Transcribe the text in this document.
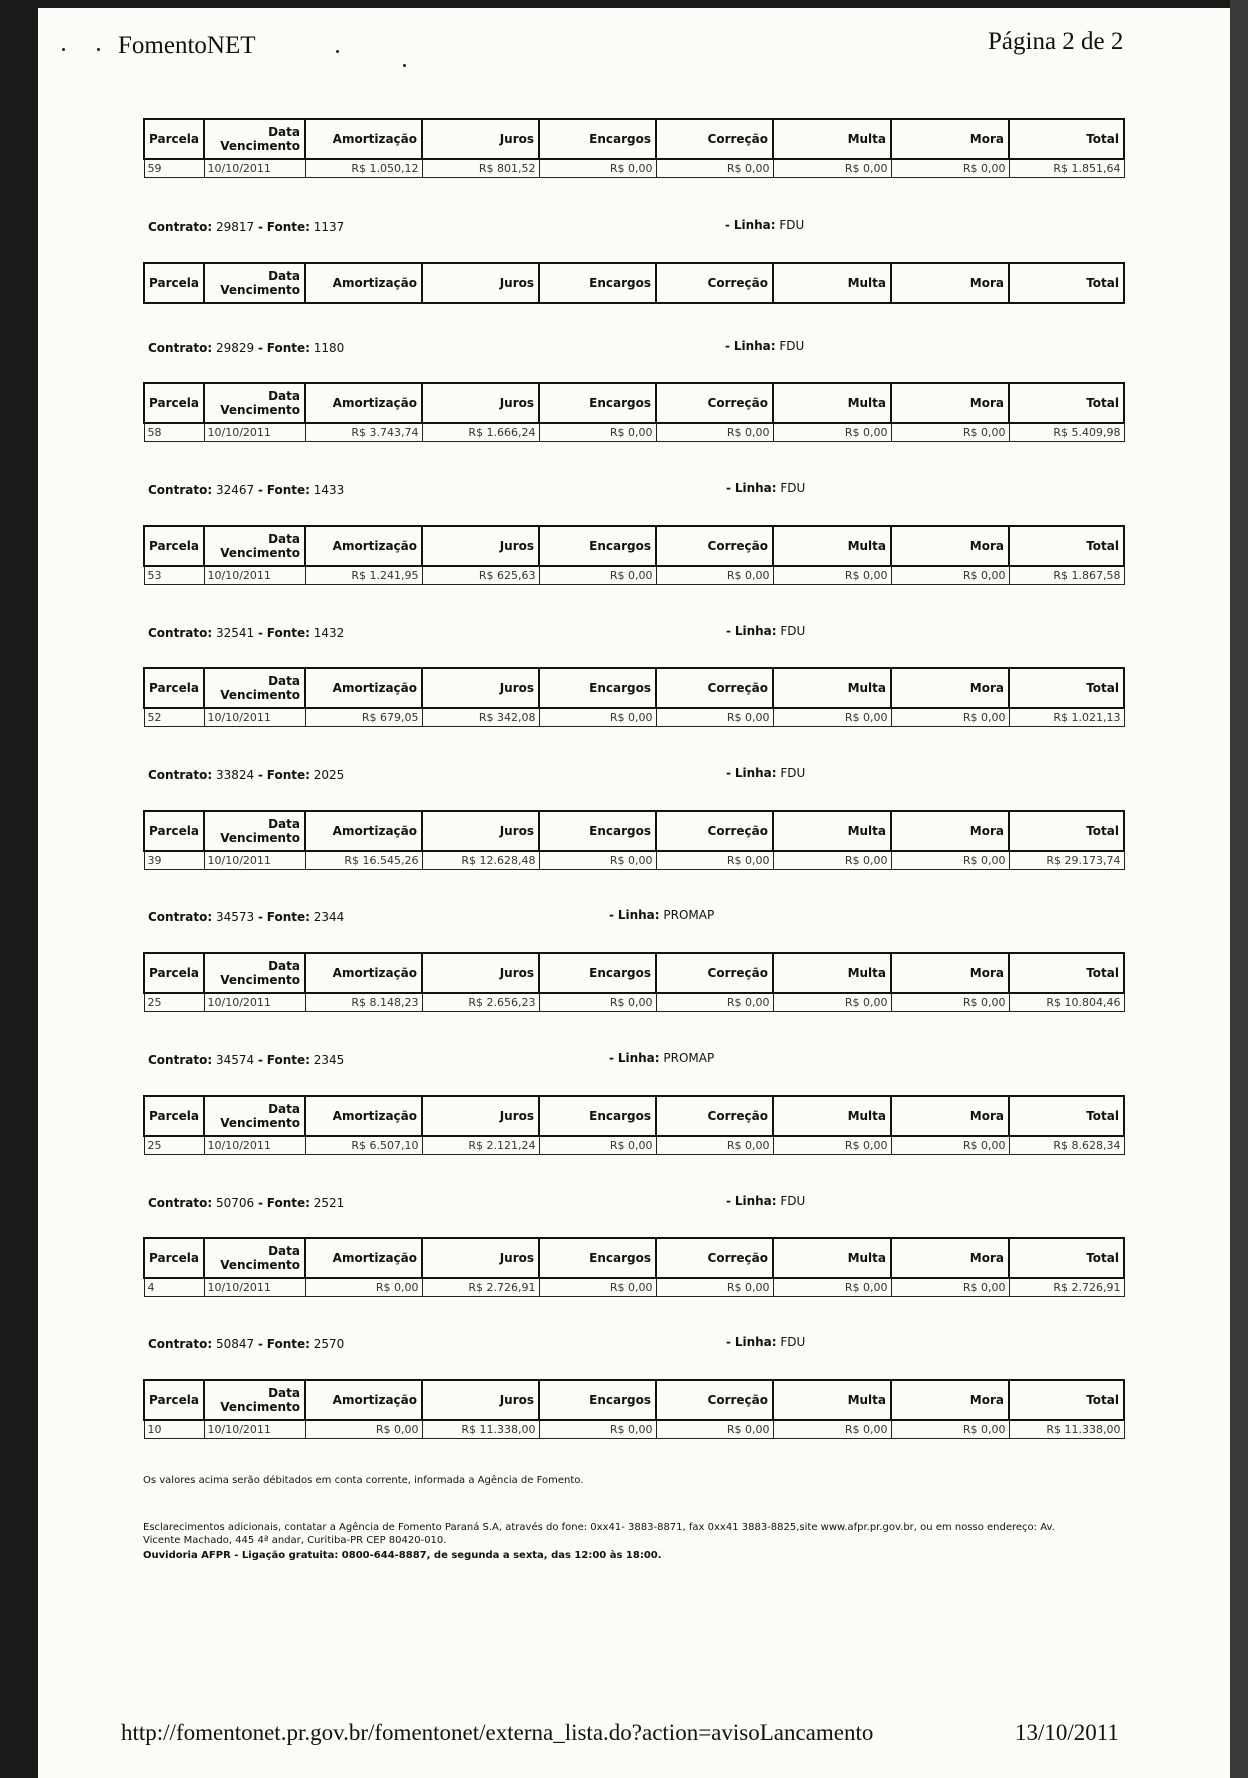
FomentoNET	Página 2 de 2
Parcela	Data Vencimento	Amortização	Juros	Encargos	Correção	Multa	Mora	Total
59	10/10/2011	R$ 1.050,12	R$ 801,52	R$ 0,00	R$ 0,00	R$ 0,00	R$ 0,00	R$ 1.851,64
Contrato: 29817 - Fonte: 1137	- Linha: FDU
Parcela	Data Vencimento	Amortização	Juros	Encargos	Correção	Multa	Mora	Total
Contrato: 29829 - Fonte: 1180	- Linha: FDU
Parcela	Data Vencimento	Amortização	Juros	Encargos	Correção	Multa	Mora	Total
58	10/10/2011	R$ 3.743,74	R$ 1.666,24	R$ 0,00	R$ 0,00	R$ 0,00	R$ 0,00	R$ 5.409,98
Contrato: 32467 - Fonte: 1433	- Linha: FDU
Parcela	Data Vencimento	Amortização	Juros	Encargos	Correção	Multa	Mora	Total
53	10/10/2011	R$ 1.241,95	R$ 625,63	R$ 0,00	R$ 0,00	R$ 0,00	R$ 0,00	R$ 1.867,58
Contrato: 32541 - Fonte: 1432	- Linha: FDU
Parcela	Data Vencimento	Amortização	Juros	Encargos	Correção	Multa	Mora	Total
52	10/10/2011	R$ 679,05	R$ 342,08	R$ 0,00	R$ 0,00	R$ 0,00	R$ 0,00	R$ 1.021,13
Contrato: 33824 - Fonte: 2025	- Linha: FDU
Parcela	Data Vencimento	Amortização	Juros	Encargos	Correção	Multa	Mora	Total
39	10/10/2011	R$ 16.545,26	R$ 12.628,48	R$ 0,00	R$ 0,00	R$ 0,00	R$ 0,00	R$ 29.173,74
Contrato: 34573 - Fonte: 2344	- Linha: PROMAP
Parcela	Data Vencimento	Amortização	Juros	Encargos	Correção	Multa	Mora	Total
25	10/10/2011	R$ 8.148,23	R$ 2.656,23	R$ 0,00	R$ 0,00	R$ 0,00	R$ 0,00	R$ 10.804,46
Contrato: 34574 - Fonte: 2345	- Linha: PROMAP
Parcela	Data Vencimento	Amortização	Juros	Encargos	Correção	Multa	Mora	Total
25	10/10/2011	R$ 6.507,10	R$ 2.121,24	R$ 0,00	R$ 0,00	R$ 0,00	R$ 0,00	R$ 8.628,34
Contrato: 50706 - Fonte: 2521	- Linha: FDU
Parcela	Data Vencimento	Amortização	Juros	Encargos	Correção	Multa	Mora	Total
4	10/10/2011	R$ 0,00	R$ 2.726,91	R$ 0,00	R$ 0,00	R$ 0,00	R$ 0,00	R$ 2.726,91
Contrato: 50847 - Fonte: 2570	- Linha: FDU
Parcela	Data Vencimento	Amortização	Juros	Encargos	Correção	Multa	Mora	Total
10	10/10/2011	R$ 0,00	R$ 11.338,00	R$ 0,00	R$ 0,00	R$ 0,00	R$ 0,00	R$ 11.338,00
Os valores acima serão débitados em conta corrente, informada a Agência de Fomento.
Esclarecimentos adicionais, contatar a Agência de Fomento Paraná S.A, através do fone: 0xx41- 3883-8871, fax 0xx41 3883-8825,site www.afpr.pr.gov.br, ou em nosso endereço: Av. Vicente Machado, 445 4ª andar, Curitiba-PR CEP 80420-010.
Ouvidoria AFPR - Ligação gratuita: 0800-644-8887, de segunda a sexta, das 12:00 às 18:00.
http://fomentonet.pr.gov.br/fomentonet/externa_lista.do?action=avisoLancamento	13/10/2011
